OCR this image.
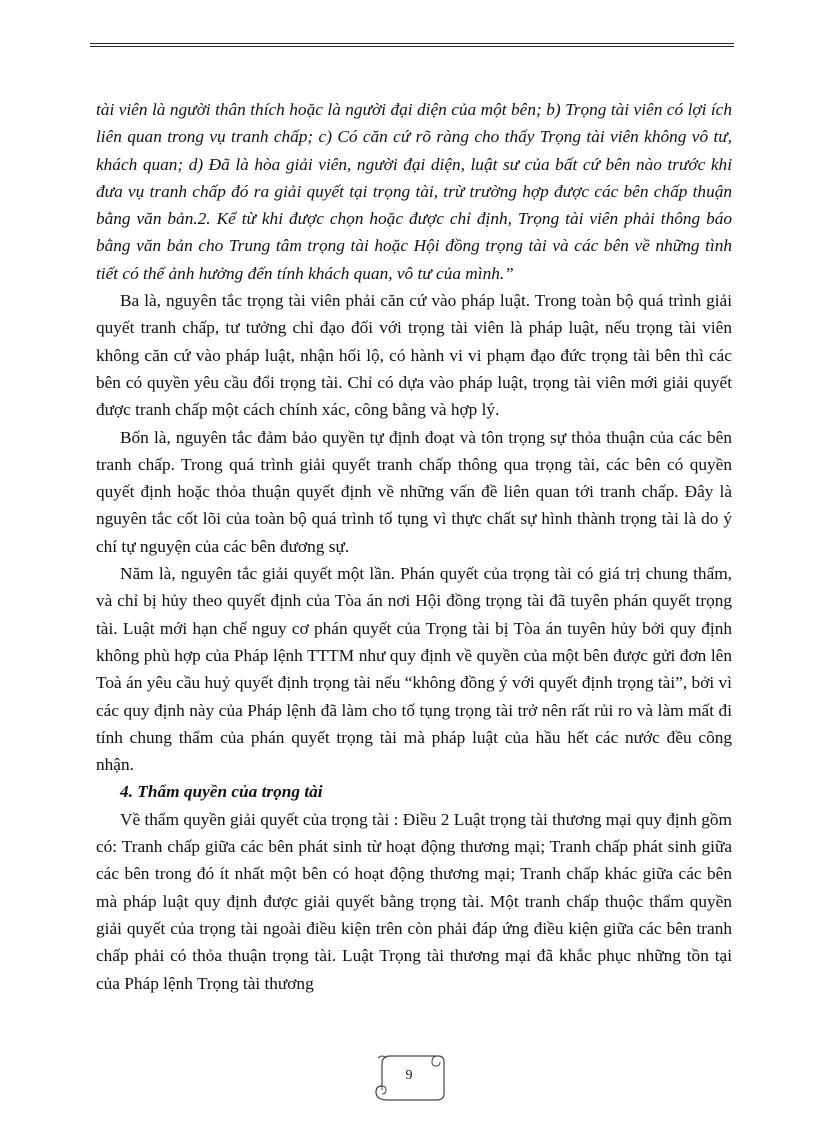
tài viên là người thân thích hoặc là người đại diện của một bên; b) Trọng tài viên có lợi ích liên quan trong vụ tranh chấp; c) Có căn cứ rõ ràng cho thấy Trọng tài viên không vô tư, khách quan; d) Đã là hòa giải viên, người đại diện, luật sư của bất cứ bên nào trước khi đưa vụ tranh chấp đó ra giải quyết tại trọng tài, trừ trường hợp được các bên chấp thuận bằng văn bản.2. Kể từ khi được chọn hoặc được chỉ định, Trọng tài viên phải thông báo bằng văn bản cho Trung tâm trọng tài hoặc Hội đồng trọng tài và các bên về những tình tiết có thể ảnh hưởng đến tính khách quan, vô tư của mình.”

Ba là, nguyên tắc trọng tài viên phải căn cứ vào pháp luật. Trong toàn bộ quá trình giải quyết tranh chấp, tư tưởng chỉ đạo đối với trọng tài viên là pháp luật, nếu trọng tài viên không căn cứ vào pháp luật, nhận hối lộ, có hành vi vi phạm đạo đức trọng tài bên thì các bên có quyền yêu cầu đổi trọng tài. Chỉ có dựa vào pháp luật, trọng tài viên mới giải quyết được tranh chấp một cách chính xác, công bằng và hợp lý.

Bốn là, nguyên tắc đảm bảo quyền tự định đoạt và tôn trọng sự thỏa thuận của các bên tranh chấp. Trong quá trình giải quyết tranh chấp thông qua trọng tài, các bên có quyền quyết định hoặc thỏa thuận quyết định về những vấn đề liên quan tới tranh chấp. Đây là nguyên tắc cốt lõi của toàn bộ quá trình tố tụng vì thực chất sự hình thành trọng tài là do ý chí tự nguyện của các bên đương sự.

Năm là, nguyên tắc giải quyết một lần. Phán quyết của trọng tài có giá trị chung thẩm, và chỉ bị hủy theo quyết định của Tòa án nơi Hội đồng trọng tài đã tuyên phán quyết trọng tài. Luật mới hạn chế nguy cơ phán quyết của Trọng tài bị Tòa án tuyên hủy bởi quy định không phù hợp của Pháp lệnh TTTM như quy định về quyền của một bên được gửi đơn lên Toà án yêu cầu huỷ quyết định trọng tài nếu “không đồng ý với quyết định trọng tài”, bởi vì các quy định này của Pháp lệnh đã làm cho tố tụng trọng tài trở nên rất rủi ro và làm mất đi tính chung thẩm của phán quyết trọng tài mà pháp luật của hầu hết các nước đều công nhận.

4. Thẩm quyền của trọng tài

Về thẩm quyền giải quyết của trọng tài : Điều 2 Luật trọng tài thương mại quy định gồm có: Tranh chấp giữa các bên phát sinh từ hoạt động thương mại; Tranh chấp phát sinh giữa các bên trong đó ít nhất một bên có hoạt động thương mại; Tranh chấp khác giữa các bên mà pháp luật quy định được giải quyết bằng trọng tài. Một tranh chấp thuộc thẩm quyền giải quyết của trọng tài ngoài điều kiện trên còn phải đáp ứng điều kiện giữa các bên tranh chấp phải có thỏa thuận trọng tài. Luật Trọng tài thương mại đã khắc phục những tồn tại của Pháp lệnh Trọng tài thương

9
